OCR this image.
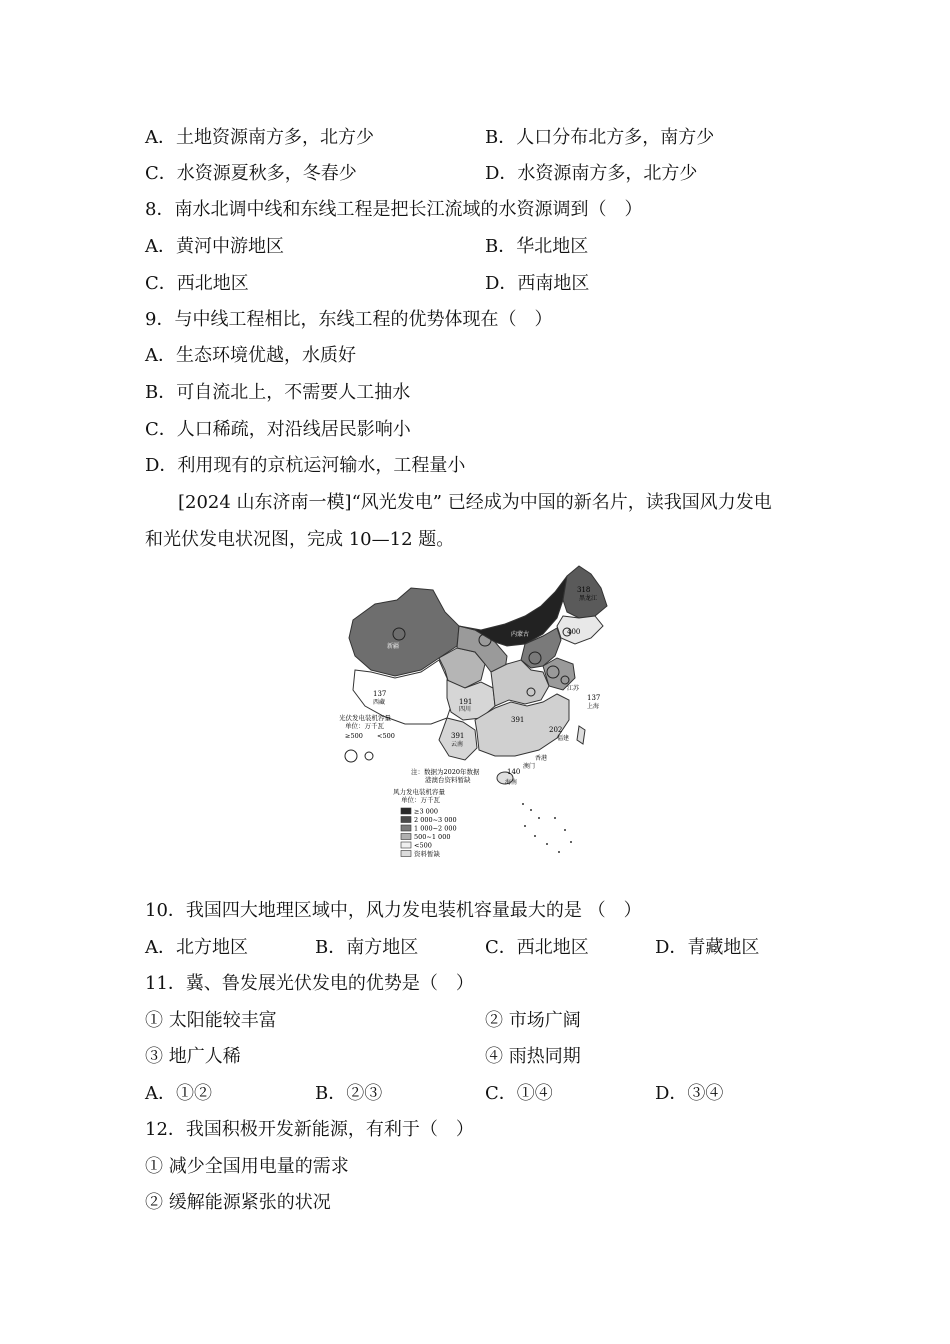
A．土地资源南方多，北方少	B．人口分布北方多，南方少
C．水资源夏秋多，冬春少	D．水资源南方多，北方少
8．南水北调中线和东线工程是把长江流域的水资源调到（　）
A．黄河中游地区	B．华北地区
C．西北地区	D．西南地区
9．与中线工程相比，东线工程的优势体现在（　）
A．生态环境优越，水质好
B．可自流北上，不需要人工抽水
C．人口稀疏，对沿线居民影响小
D．利用现有的京杭运河输水，工程量小
[2024 山东济南一模]“风光发电” 已经成为中国的新名片，读我国风力发电
和光伏发电状况图，完成 10—12 题。
318
黑龙江
400
内蒙古
新疆
137
西藏	191
四川
391
391
云南
江苏
137
上海
202
福建
香港
澳门
140
海南
光伏发电装机容量
单位：万千瓦
≥500 <500
注：数据为2020年数据
港澳台资料暂缺
风力发电装机容量
单位：万千瓦
≥3 000
2 000~3 000
1 000~2 000
500~1 000
<500
资料暂缺
10．我国四大地理区域中，风力发电装机容量最大的是 （　）
A．北方地区	B．南方地区	C．西北地区	D．青藏地区
11．冀、鲁发展光伏发电的优势是（　）
① 太阳能较丰富	② 市场广阔
③ 地广人稀	④ 雨热同期
A．①②	B．②③	C．①④	D．③④
12．我国积极开发新能源，有利于（　）
① 减少全国用电量的需求
② 缓解能源紧张的状况
